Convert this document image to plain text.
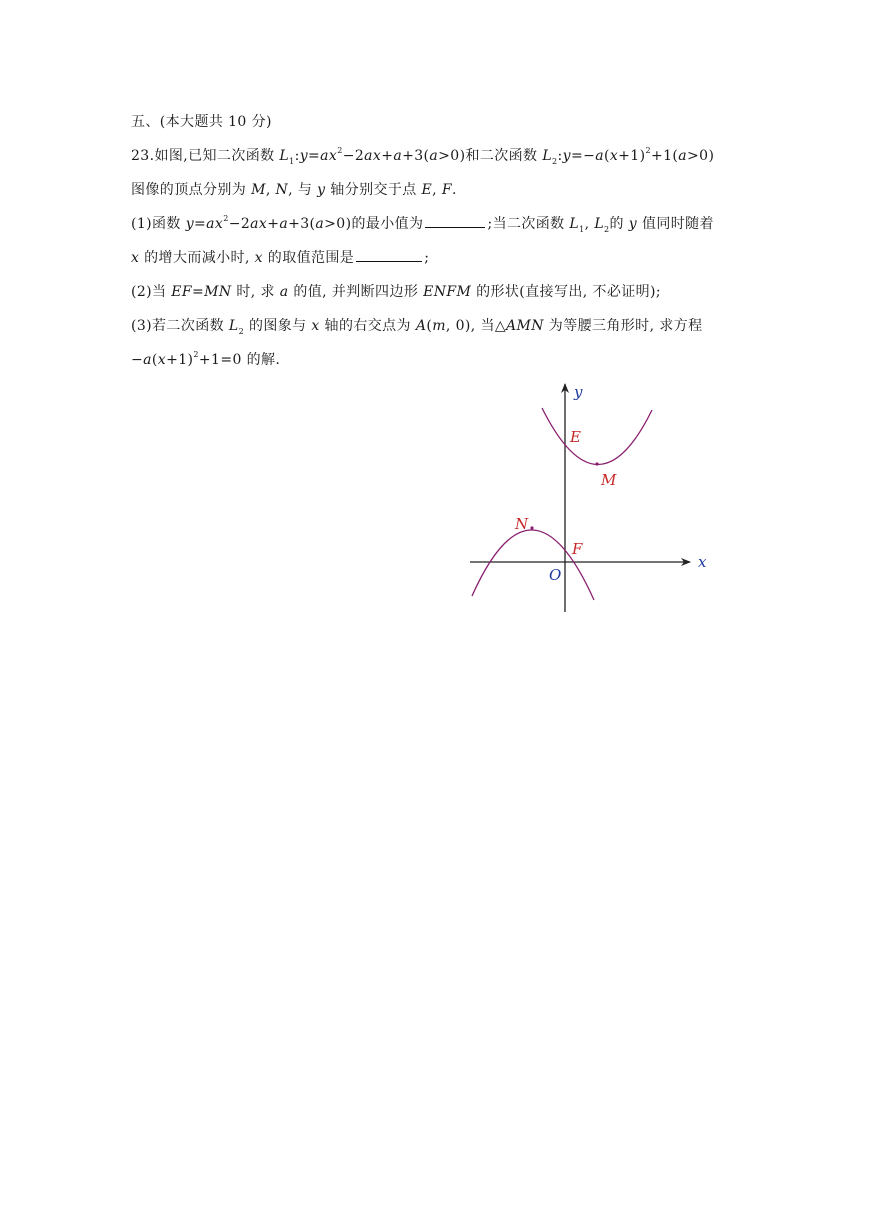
五、(本大题共 10 分)
23.如图,已知二次函数 $L_1:y=ax^2-2ax+a+3(a>0)$和二次函数 $L_2:y=-a(x+1)^2+1(a>0)$
图像的顶点分别为 M, N, 与 y 轴分别交于点 E, F.
(1)函数 $y=ax^2-2ax+a+3(a>0)$的最小值为	;当二次函数 $L_1$, $L_2$的 y 值同时随着
x 的增大而减小时, x 的取值范围是	;
(2)当 EF=MN 时, 求 a 的值, 并判断四边形 ENFM 的形状(直接写出, 不必证明);
(3)若二次函数 $L_2$ 的图象与 x 轴的右交点为 A(m, 0), 当△AMN 为等腰三角形时, 求方程
$-a(x+1)^2+1=0$ 的解.
y
x
E
M
N
F
O
